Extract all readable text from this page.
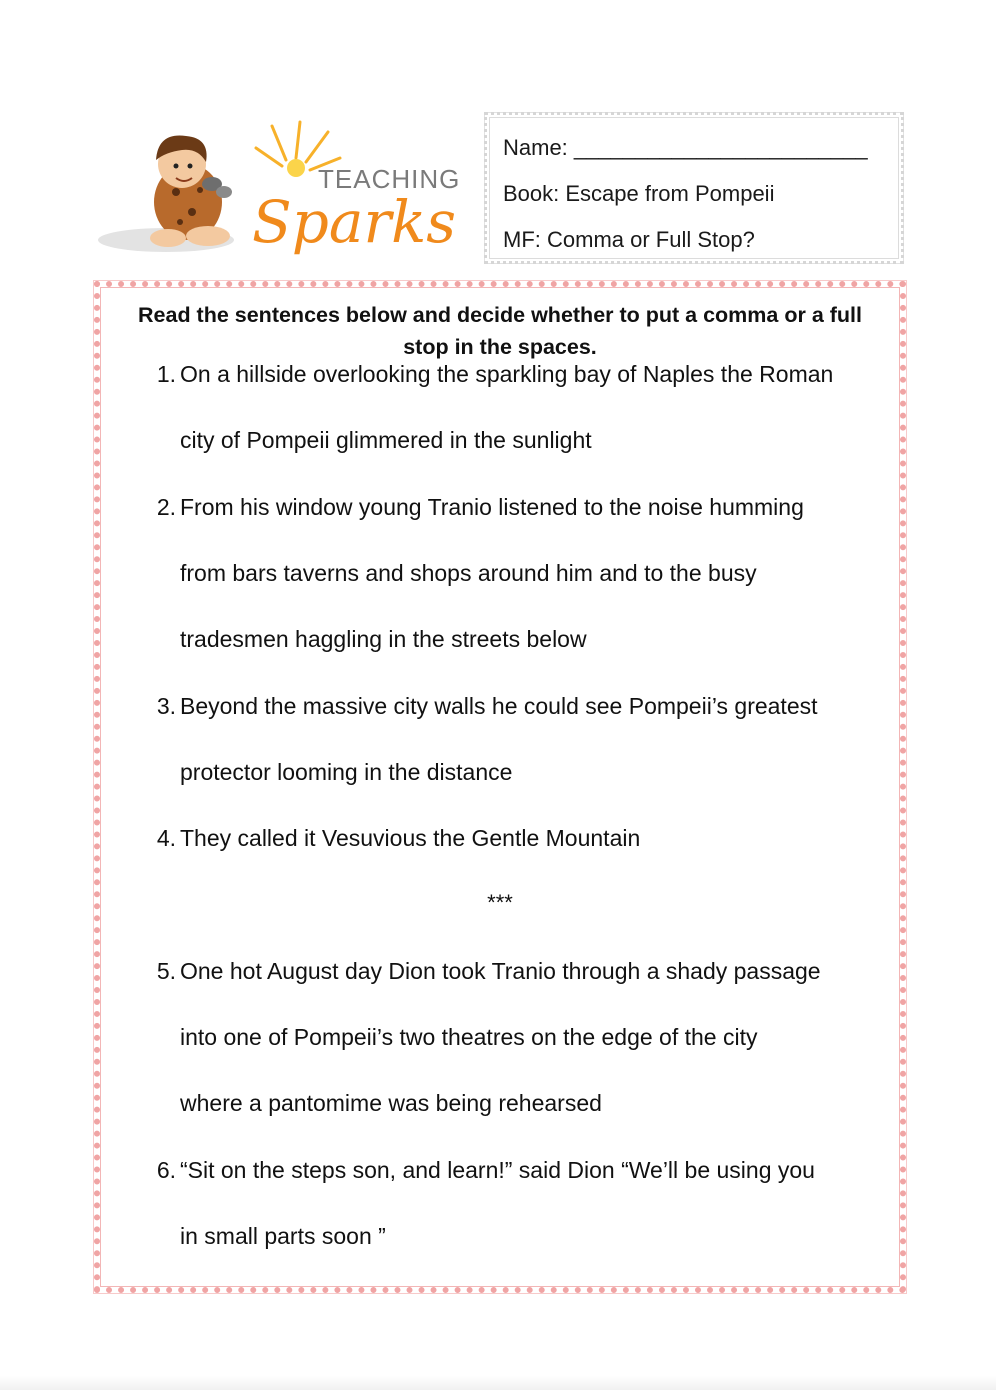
TEACHING
Sparks
Name: ________________________
Book: Escape from Pompeii
MF: Comma or Full Stop?
Read the sentences below and decide whether to put a comma or a full stop in the spaces.
1. On a hillside overlooking the sparkling bay of Naples the Roman
city of Pompeii glimmered in the sunlight
2. From his window young Tranio listened to the noise humming
from bars taverns and shops around him and to the busy
tradesmen haggling in the streets below
3. Beyond the massive city walls he could see Pompeii’s greatest
protector looming in the distance
4. They called it Vesuvious the Gentle Mountain
***
5. One hot August day Dion took Tranio through a shady passage
into one of Pompeii’s two theatres on the edge of the city
where a pantomime was being rehearsed
6. “Sit on the steps son, and learn!” said Dion “We’ll be using you
in small parts soon ”
